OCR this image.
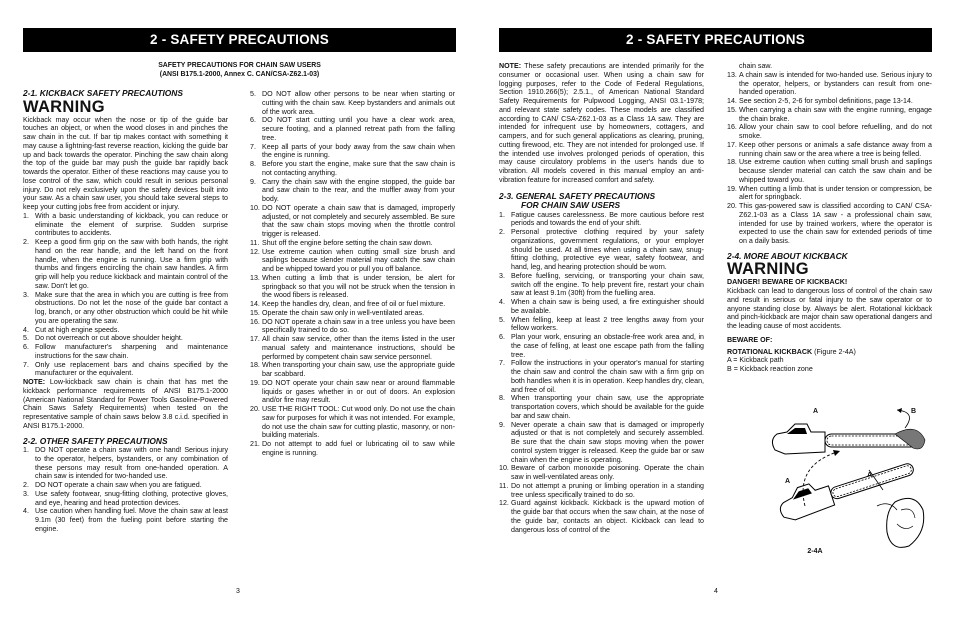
2 - SAFETY PRECAUTIONS
SAFETY PRECAUTIONS FOR CHAIN SAW USERS
(ANSI B175.1-2000, Annex C. CAN/CSA-Z62.1-03)
2-1. KICKBACK SAFETY PRECAUTIONS
WARNING
Kickback may occur when the nose or tip of the guide bar touches an object, or when the wood closes in and pinches the saw chain in the cut. If bar tip makes contact with something it may cause a lightning-fast reverse reaction, kicking the guide bar up and back towards the operator. Pinching the saw chain along the top of the guide bar may push the guide bar rapidly back towards the operator. Either of these reactions may cause you to lose control of the saw, which could result in serious personal injury. Do not rely exclusively upon the safety devices built into your saw. As a chain saw user, you should take several steps to keep your cutting jobs free from accident or injury.
1. With a basic understanding of kickback, you can reduce or eliminate the element of surprise. Sudden surprise contributes to accidents.
2. Keep a good firm grip on the saw with both hands, the right hand on the rear handle, and the left hand on the front handle, when the engine is running. Use a firm grip with thumbs and fingers encircling the chain saw handles. A firm grip will help you reduce kickback and maintain control of the saw. Don't let go.
3. Make sure that the area in which you are cutting is free from obstructions. Do not let the nose of the guide bar contact a log, branch, or any other obstruction which could be hit while you are operating the saw.
4. Cut at high engine speeds.
5. Do not overreach or cut above shoulder height.
6. Follow manufacturer's sharpening and maintenance instructions for the saw chain.
7. Only use replacement bars and chains specified by the manufacturer or the equivalent.
NOTE: Low-kickback saw chain is chain that has met the kickback performance requirements of ANSI B175.1-2000 (American National Standard for Power Tools Gasoline-Powered Chain Saws Safety Requirements) when tested on the representative sample of chain saws below 3.8 c.i.d. specified in ANSI B175.1-2000.
2-2. OTHER SAFETY PRECAUTIONS
1. DO NOT operate a chain saw with one hand! Serious injury to the operator, helpers, bystanders, or any combination of these persons may result from one-handed operation. A chain saw is intended for two-handed use.
2. DO NOT operate a chain saw when you are fatigued.
3. Use safety footwear, snug-fitting clothing, protective gloves, and eye, hearing and head protection devices.
4. Use caution when handling fuel. Move the chain saw at least 9.1m (30 feet) from the fueling point before starting the engine.
5. DO NOT allow other persons to be near when starting or cutting with the chain saw. Keep bystanders and animals out of the work area.
6. DO NOT start cutting until you have a clear work area, secure footing, and a planned retreat path from the falling tree.
7. Keep all parts of your body away from the saw chain when the engine is running.
8. Before you start the engine, make sure that the saw chain is not contacting anything.
9. Carry the chain saw with the engine stopped, the guide bar and saw chain to the rear, and the muffler away from your body.
10. DO NOT operate a chain saw that is damaged, improperly adjusted, or not completely and securely assembled. Be sure that the saw chain stops moving when the throttle control trigger is released.
11. Shut off the engine before setting the chain saw down.
12. Use extreme caution when cutting small size brush and saplings because slender material may catch the saw chain and be whipped toward you or pull you off balance.
13. When cutting a limb that is under tension, be alert for springback so that you will not be struck when the tension in the wood fibers is released.
14. Keep the handles dry, clean, and free of oil or fuel mixture.
15. Operate the chain saw only in well-ventilated areas.
16. DO NOT operate a chain saw in a tree unless you have been specifically trained to do so.
17. All chain saw service, other than the items listed in the user manual safety and maintenance instructions, should be performed by competent chain saw service personnel.
18. When transporting your chain saw, use the appropriate guide bar scabbard.
19. DO NOT operate your chain saw near or around flammable liquids or gases whether in or out of doors. An explosion and/or fire may result.
20. USE THE RIGHT TOOL: Cut wood only. Do not use the chain saw for purposes for which it was not intended. For example, do not use the chain saw for cutting plastic, masonry, or non-building materials.
21. Do not attempt to add fuel or lubricating oil to saw while engine is running.
3
2 - SAFETY PRECAUTIONS
NOTE: These safety precautions are intended primarily for the consumer or occasional user. When using a chain saw for logging purposes, refer to the Code of Federal Regulations, Section 1910.266(5); 2.5.1., of American National Standard Safety Requirements for Pulpwood Logging, ANSI 03.1-1978; and relevant state safety codes. These models are classified according to CAN/ CSA-Z62.1-03 as a Class 1A saw. They are intended for infrequent use by homeowners, cottagers, and campers, and for such general applications as clearing, pruning, cutting firewood, etc. They are not intended for prolonged use. If the intended use involves prolonged periods of operation, this may cause circulatory problems in the user's hands due to vibration. All models covered in this manual employ an anti-vibration feature for increased comfort and safety.
2-3. GENERAL SAFETY PRECAUTIONS
FOR CHAIN SAW USERS
1. Fatigue causes carelessness. Be more cautious before rest periods and towards the end of your shift.
2. Personal protective clothing required by your safety organizations, government regulations, or your employer should be used. At all times when using a chain saw, snug-fitting clothing, protective eye wear, safety footwear, and hand, leg, and hearing protection should be worn.
3. Before fuelling, servicing, or transporting your chain saw, switch off the engine. To help prevent fire, restart your chain saw at least 9.1m (30ft) from the fuelling area.
4. When a chain saw is being used, a fire extinguisher should be available.
5. When felling, keep at least 2 tree lengths away from your fellow workers.
6. Plan your work, ensuring an obstacle-free work area and, in the case of felling, at least one escape path from the falling tree.
7. Follow the instructions in your operator's manual for starting the chain saw and control the chain saw with a firm grip on both handles when it is in operation. Keep handles dry, clean, and free of oil.
8. When transporting your chain saw, use the appropriate transportation covers, which should be available for the guide bar and saw chain.
9. Never operate a chain saw that is damaged or improperly adjusted or that is not completely and securely assembled. Be sure that the chain saw stops moving when the power control system trigger is released. Keep the guide bar or saw chain when the engine is operating.
10. Beware of carbon monoxide poisoning. Operate the chain saw in well-ventilated areas only.
11. Do not attempt a pruning or limbing operation in a standing tree unless specifically trained to do so.
12. Guard against kickback. Kickback is the upward motion of the guide bar that occurs when the saw chain, at the nose of the guide bar, contacts an object. Kickback can lead to dangerous loss of control of the
chain saw.
13. A chain saw is intended for two-handed use. Serious injury to the operator, helpers, or bystanders can result from one-handed operation.
14. See section 2-5, 2-6 for symbol definitions, page 13-14.
15. When carrying a chain saw with the engine running, engage the chain brake.
16. Allow your chain saw to cool before refuelling, and do not smoke.
17. Keep other persons or animals a safe distance away from a running chain saw or the area where a tree is being felled.
18. Use extreme caution when cutting small brush and saplings because slender material can catch the saw chain and be whipped toward you.
19. When cutting a limb that is under tension or compression, be alert for springback.
20. This gas-powered saw is classified according to CAN/ CSA-Z62.1-03 as a Class 1A saw - a professional chain saw, intended for use by trained workers, where the operator is expected to use the chain saw for extended periods of time on a daily basis.
2-4. MORE ABOUT KICKBACK
WARNING
DANGER! BEWARE OF KICKBACK!
Kickback can lead to dangerous loss of control of the chain saw and result in serious or fatal injury to the saw operator or to anyone standing close by. Always be alert. Rotational kickback and pinch-kickback are major chain saw operational dangers and the leading cause of most accidents.
BEWARE OF:
ROTATIONAL KICKBACK (Figure 2-4A)
A = Kickback path
B = Kickback reaction zone
A	B
A
A
2-4A
4
